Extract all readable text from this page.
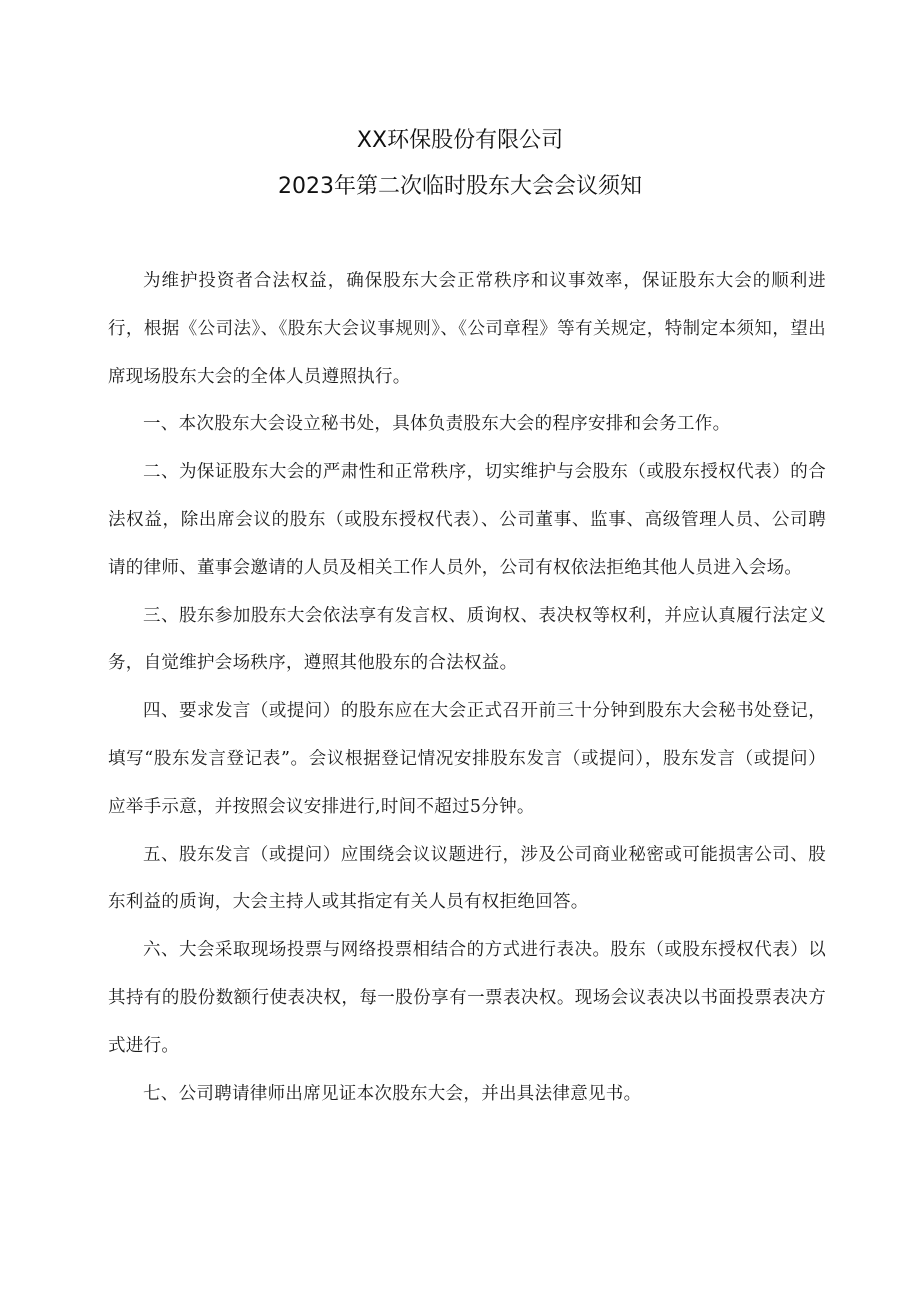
XX环保股份有限公司
2023年第二次临时股东大会会议须知

为维护投资者合法权益，确保股东大会正常秩序和议事效率，保证股东大会的顺利进行，根据《公司法》、《股东大会议事规则》、《公司章程》等有关规定，特制定本须知，望出席现场股东大会的全体人员遵照执行。

一、本次股东大会设立秘书处，具体负责股东大会的程序安排和会务工作。

二、为保证股东大会的严肃性和正常秩序，切实维护与会股东（或股东授权代表）的合法权益，除出席会议的股东（或股东授权代表）、公司董事、监事、高级管理人员、公司聘请的律师、董事会邀请的人员及相关工作人员外，公司有权依法拒绝其他人员进入会场。

三、股东参加股东大会依法享有发言权、质询权、表决权等权利，并应认真履行法定义务，自觉维护会场秩序，遵照其他股东的合法权益。

四、要求发言（或提问）的股东应在大会正式召开前三十分钟到股东大会秘书处登记，填写“股东发言登记表”。会议根据登记情况安排股东发言（或提问），股东发言（或提问）应举手示意，并按照会议安排进行,时间不超过5分钟。

五、股东发言（或提问）应围绕会议议题进行，涉及公司商业秘密或可能损害公司、股东利益的质询，大会主持人或其指定有关人员有权拒绝回答。

六、大会采取现场投票与网络投票相结合的方式进行表决。股东（或股东授权代表）以其持有的股份数额行使表决权，每一股份享有一票表决权。现场会议表决以书面投票表决方式进行。

七、公司聘请律师出席见证本次股东大会，并出具法律意见书。
